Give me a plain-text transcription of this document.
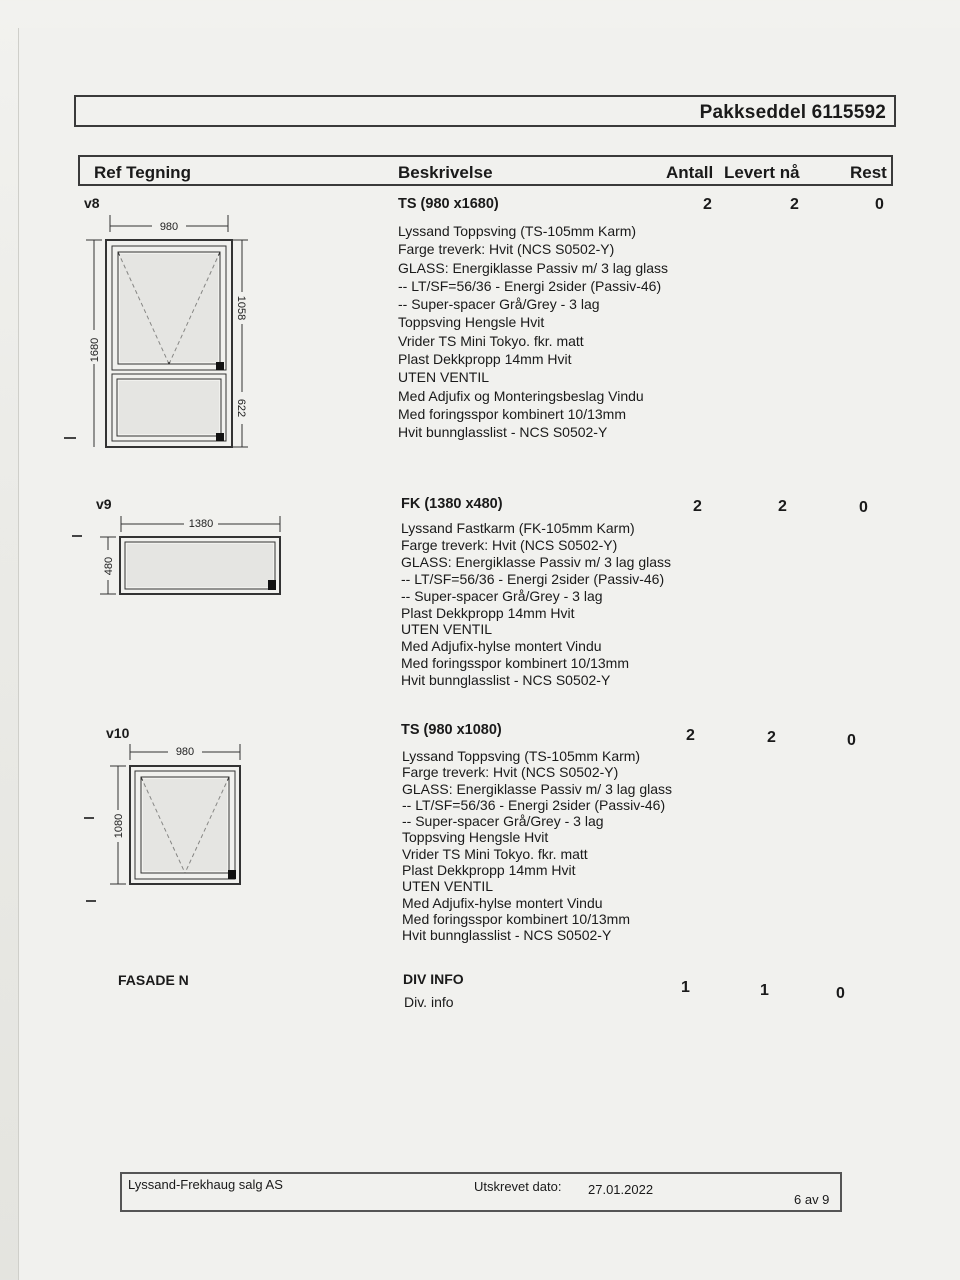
Pakkseddel 6115592
Ref Tegning	Beskrivelse	Antall Levert nå	Rest
v8	TS (980 x1680)	2	2	0
Lyssand Toppsving (TS-105mm Karm)
Farge treverk: Hvit (NCS S0502-Y)
GLASS: Energiklasse Passiv m/ 3 lag glass
-- LT/SF=56/36 - Energi 2sider (Passiv-46)
-- Super-spacer Grå/Grey - 3 lag
Toppsving Hengsle Hvit
Vrider TS Mini Tokyo. fkr. matt
Plast Dekkpropp 14mm Hvit
UTEN VENTIL
Med Adjufix og Monteringsbeslag Vindu
Med foringsspor kombinert 10/13mm
Hvit bunnglasslist - NCS S0502-Y
980
1680
1058
622
v9	FK (1380 x480)	2	2	0
Lyssand Fastkarm (FK-105mm Karm)
Farge treverk: Hvit (NCS S0502-Y)
GLASS: Energiklasse Passiv m/ 3 lag glass
-- LT/SF=56/36 - Energi 2sider (Passiv-46)
-- Super-spacer Grå/Grey - 3 lag
Plast Dekkpropp 14mm Hvit
UTEN VENTIL
Med Adjufix-hylse montert Vindu
Med foringsspor kombinert 10/13mm
Hvit bunnglasslist - NCS S0502-Y
1380
480
v10	TS (980 x1080)	2	2	0
Lyssand Toppsving (TS-105mm Karm)
Farge treverk: Hvit (NCS S0502-Y)
GLASS: Energiklasse Passiv m/ 3 lag glass
-- LT/SF=56/36 - Energi 2sider (Passiv-46)
-- Super-spacer Grå/Grey - 3 lag
Toppsving Hengsle Hvit
Vrider TS Mini Tokyo. fkr. matt
Plast Dekkpropp 14mm Hvit
UTEN VENTIL
Med Adjufix-hylse montert Vindu
Med foringsspor kombinert 10/13mm
Hvit bunnglasslist - NCS S0502-Y
980
1080
FASADE N	DIV INFO	1	1	0
Div. info
Lyssand-Frekhaug salg AS	Utskrevet dato: 27.01.2022
6 av 9
